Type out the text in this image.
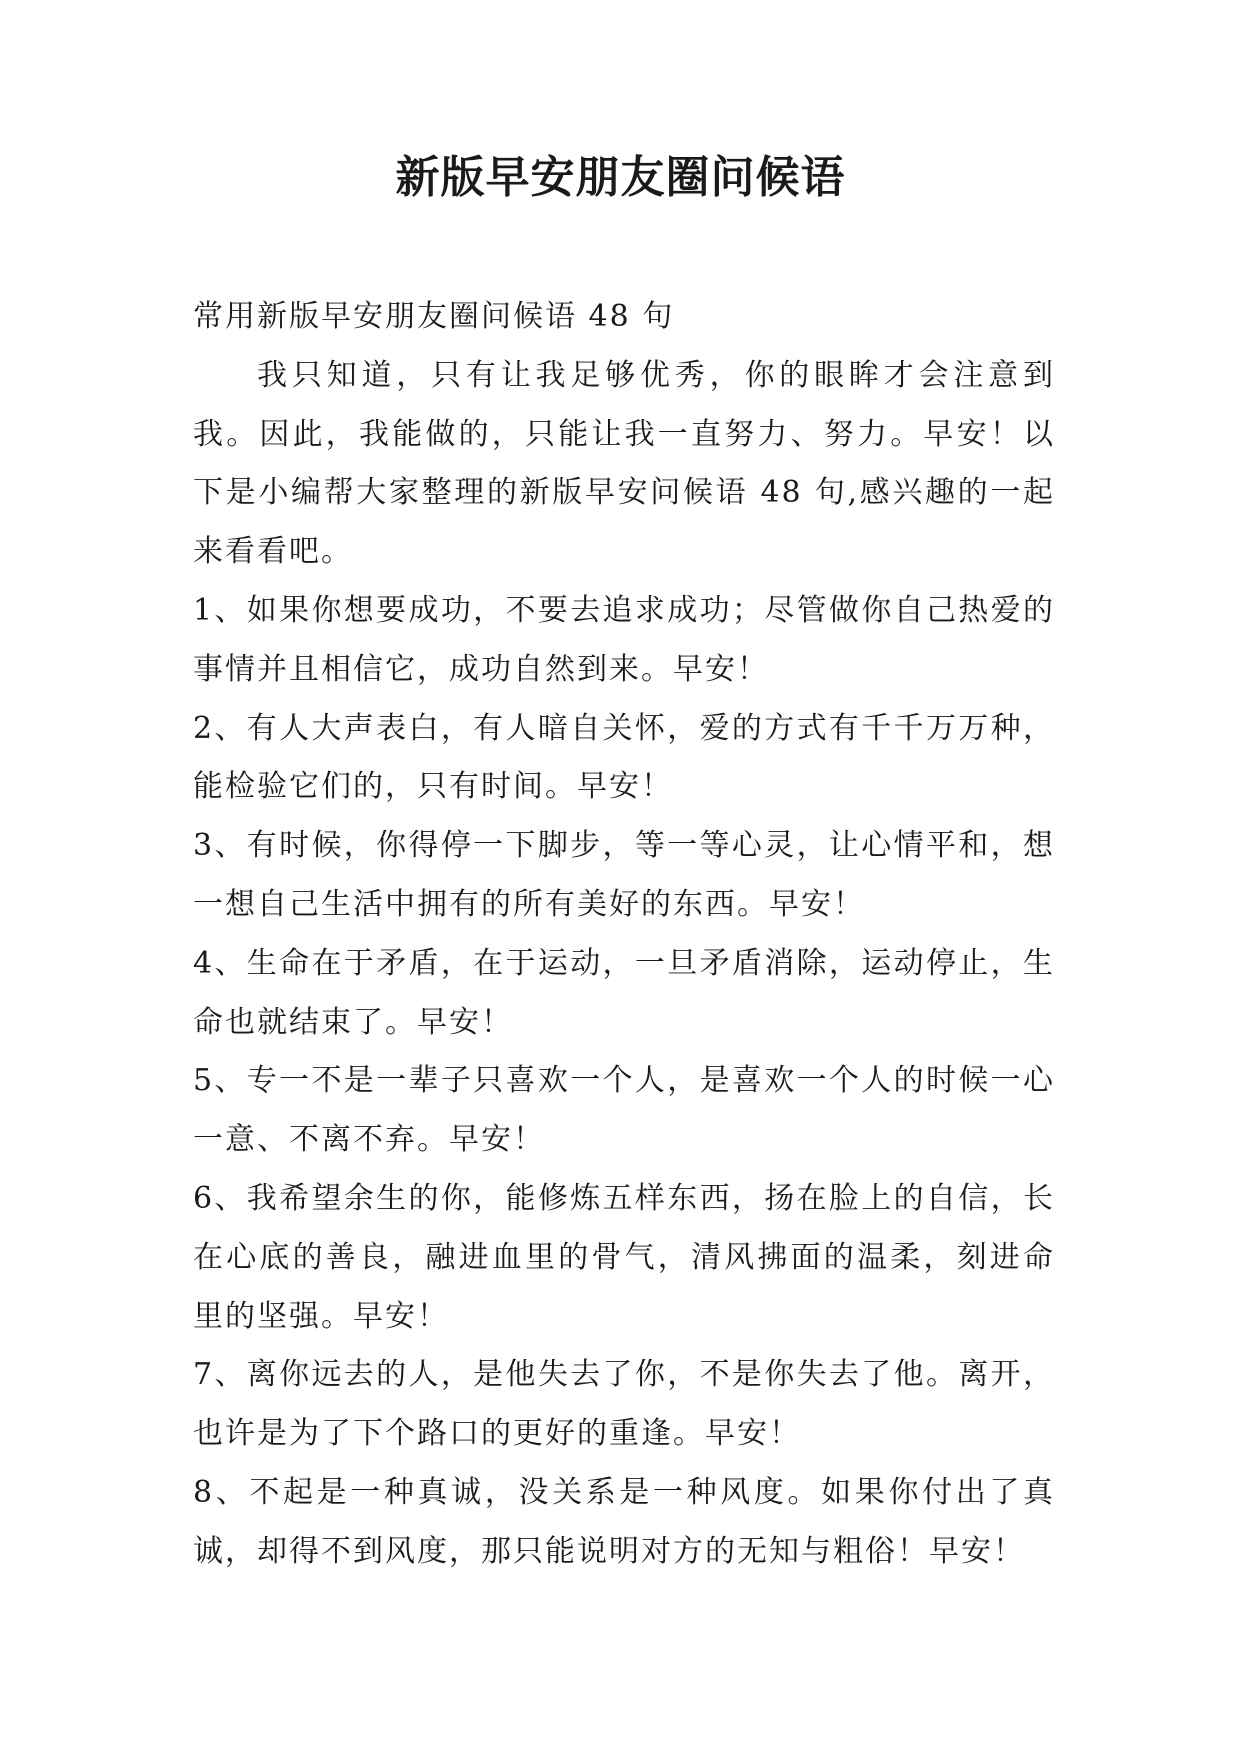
新版早安朋友圈问候语

常用新版早安朋友圈问候语 48 句

我只知道，只有让我足够优秀，你的眼眸才会注意到我。因此，我能做的，只能让我一直努力、努力。早安！以下是小编帮大家整理的新版早安问候语 48 句,感兴趣的一起来看看吧。

1、如果你想要成功，不要去追求成功；尽管做你自己热爱的事情并且相信它，成功自然到来。早安！

2、有人大声表白，有人暗自关怀，爱的方式有千千万万种，能检验它们的，只有时间。早安！

3、有时候，你得停一下脚步，等一等心灵，让心情平和，想一想自己生活中拥有的所有美好的东西。早安！

4、生命在于矛盾，在于运动，一旦矛盾消除，运动停止，生命也就结束了。早安！

5、专一不是一辈子只喜欢一个人，是喜欢一个人的时候一心一意、不离不弃。早安！

6、我希望余生的你，能修炼五样东西，扬在脸上的自信，长在心底的善良，融进血里的骨气，清风拂面的温柔，刻进命里的坚强。早安！

7、离你远去的人，是他失去了你，不是你失去了他。离开，也许是为了下个路口的更好的重逢。早安！

8、不起是一种真诚，没关系是一种风度。如果你付出了真诚，却得不到风度，那只能说明对方的无知与粗俗！早安！
